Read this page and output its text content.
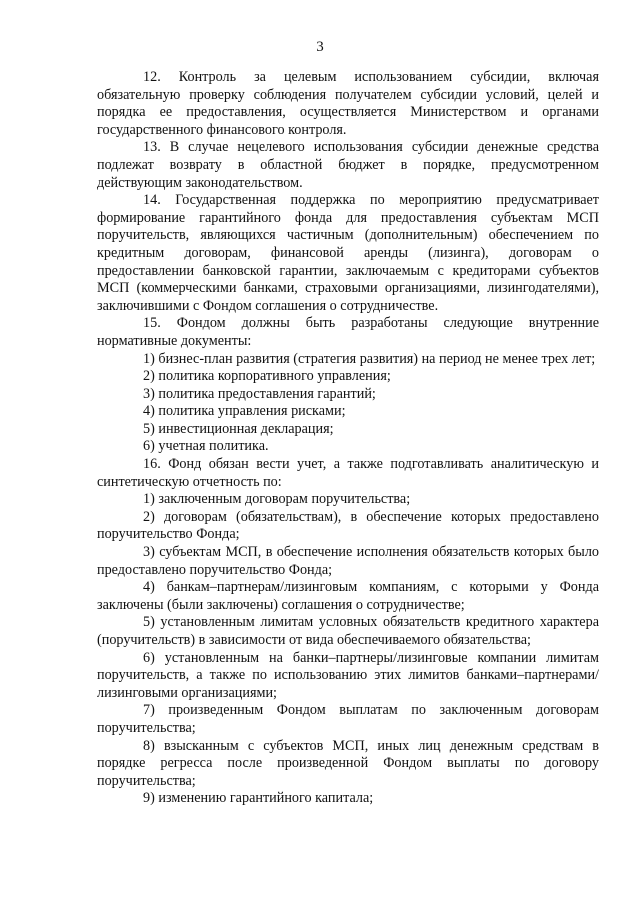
3

12. Контроль за целевым использованием субсидии, включая обязательную проверку соблюдения получателем субсидии условий, целей и порядка ее предоставления, осуществляется Министерством и органами государственного финансового контроля.

13. В случае нецелевого использования субсидии денежные средства подлежат возврату в областной бюджет в порядке, предусмотренном действующим законодательством.

14. Государственная поддержка по мероприятию предусматривает формирование гарантийного фонда для предоставления субъектам МСП поручительств, являющихся частичным (дополнительным) обеспечением по кредитным договорам, финансовой аренды (лизинга), договорам о предоставлении банковской гарантии, заключаемым с кредиторами субъектов МСП (коммерческими банками, страховыми организациями, лизингодателями), заключившими с Фондом соглашения о сотрудничестве.

15. Фондом должны быть разработаны следующие внутренние нормативные документы:

1) бизнес-план развития (стратегия развития) на период не менее трех лет;

2) политика корпоративного управления;

3) политика предоставления гарантий;

4) политика управления рисками;

5) инвестиционная декларация;

6) учетная политика.

16. Фонд обязан вести учет, а также подготавливать аналитическую и синтетическую отчетность по:

1) заключенным договорам поручительства;

2) договорам (обязательствам), в обеспечение которых предоставлено поручительство Фонда;

3) субъектам МСП, в обеспечение исполнения обязательств которых было предоставлено поручительство Фонда;

4) банкам–партнерам/лизинговым компаниям, с которыми у Фонда заключены (были заключены) соглашения о сотрудничестве;

5) установленным лимитам условных обязательств кредитного характера (поручительств) в зависимости от вида обеспечиваемого обязательства;

6) установленным на банки–партнеры/лизинговые компании лимитам поручительств, а также по использованию этих лимитов банками–партнерами/лизинговыми организациями;

7) произведенным Фондом выплатам по заключенным договорам поручительства;

8) взысканным с субъектов МСП, иных лиц денежным средствам в порядке регресса после произведенной Фондом выплаты по договору поручительства;

9) изменению гарантийного капитала;
